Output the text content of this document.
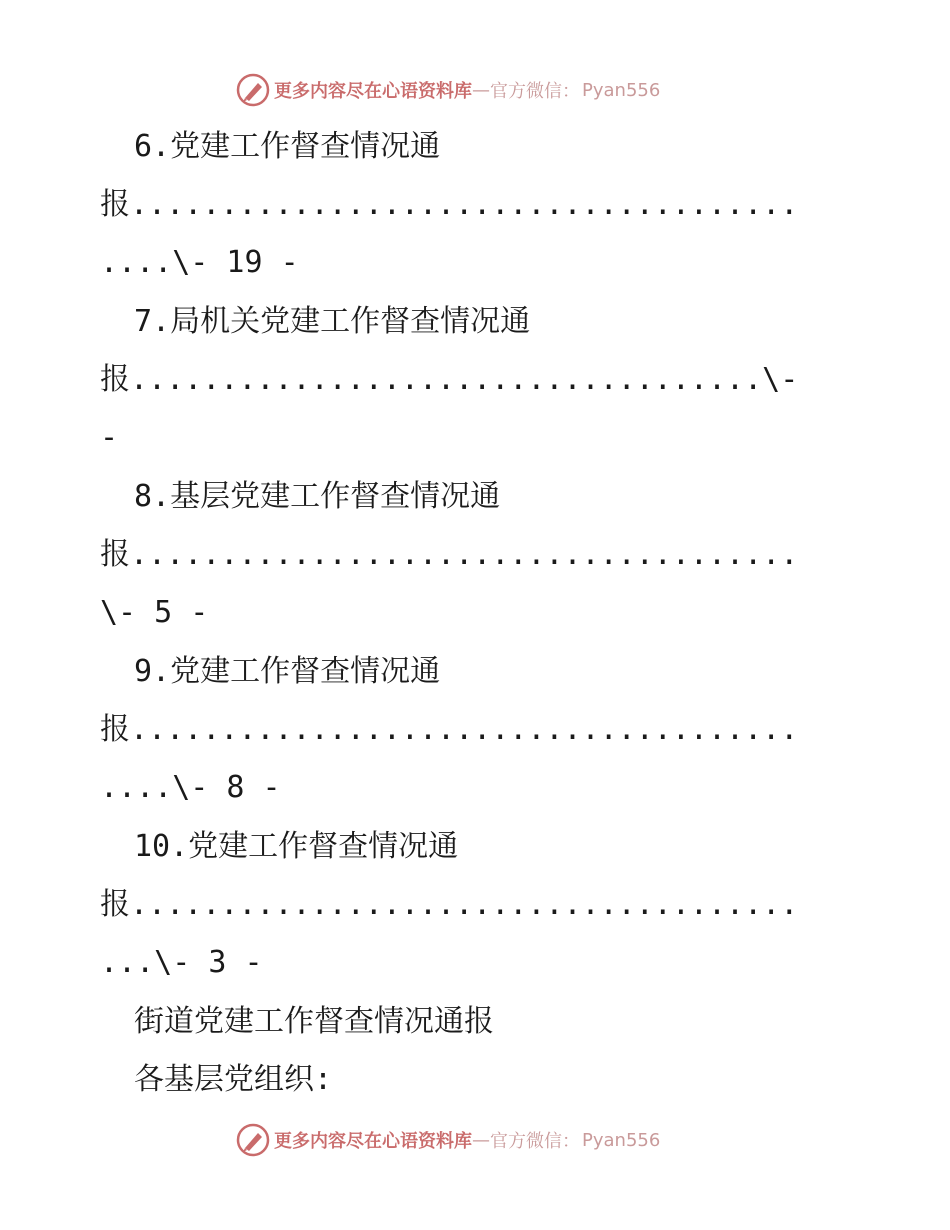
更多内容尽在心语资料库 — 官方微信： Pyan556
6.党建工作督查情况通
报.....................................
....\- 19 -
7.局机关党建工作督查情况通
报...................................\-
-
8.基层党建工作督查情况通
报.....................................
\- 5 -
9.党建工作督查情况通
报.....................................
....\- 8 -
10.党建工作督查情况通
报.....................................
...\- 3 -
街道党建工作督查情况通报
各基层党组织:
更多内容尽在心语资料库 — 官方微信： Pyan556
